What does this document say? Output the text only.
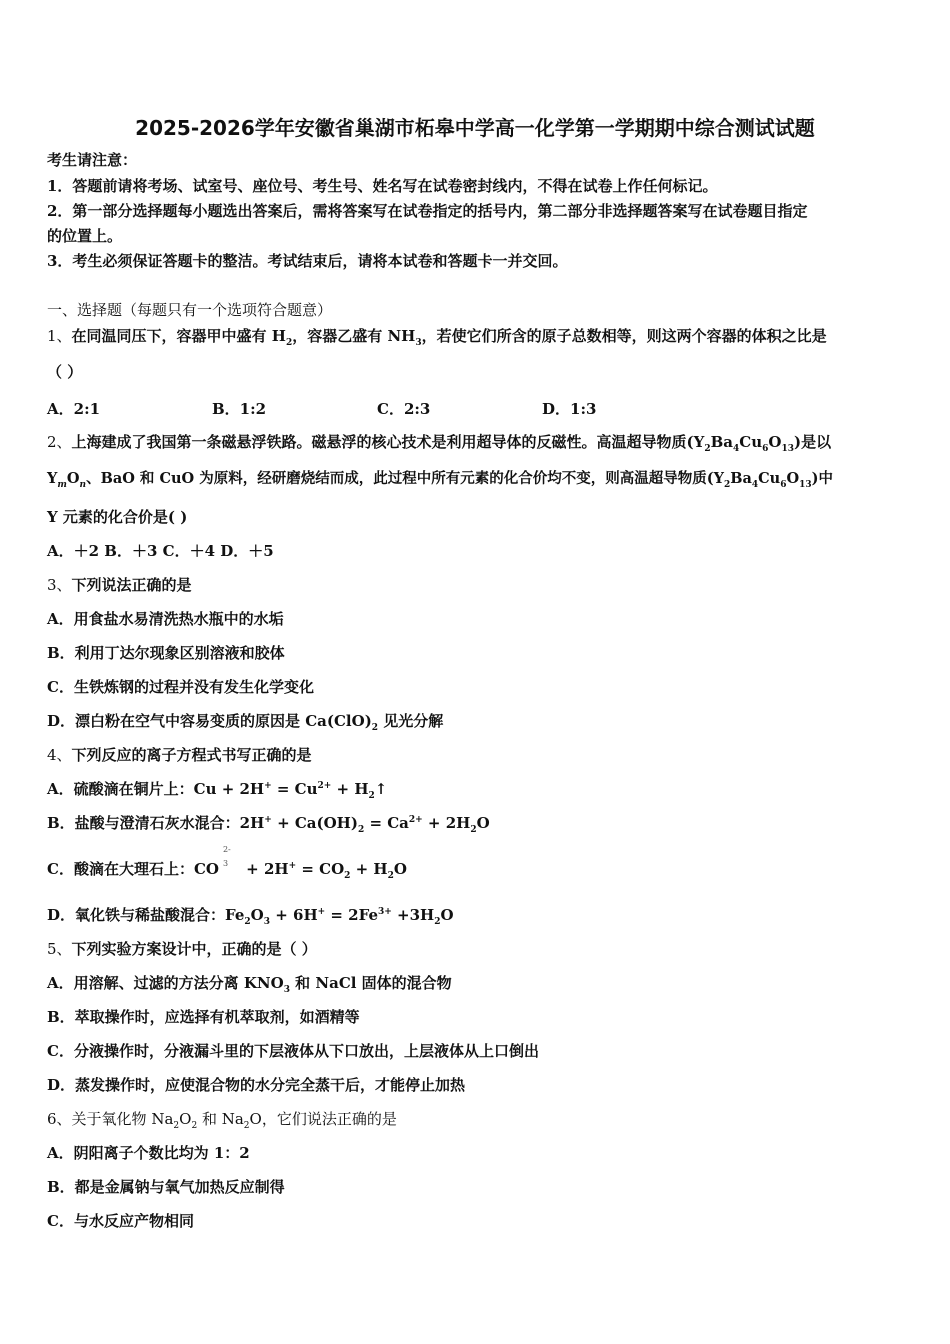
2025-2026学年安徽省巢湖市柘皋中学高一化学第一学期期中综合测试试题
考生请注意：
1．答题前请将考场、试室号、座位号、考生号、姓名写在试卷密封线内，不得在试卷上作任何标记。
2．第一部分选择题每小题选出答案后，需将答案写在试卷指定的括号内，第二部分非选择题答案写在试卷题目指定
的位置上。
3．考生必须保证答题卡的整洁。考试结束后，请将本试卷和答题卡一并交回。
一、选择题（每题只有一个选项符合题意）
1、在同温同压下，容器甲中盛有 $H_2$，容器乙盛有 $NH_3$，若使它们所含的原子总数相等，则这两个容器的体积之比是
（ ）
A．2:1	B．1:2	C．2:3	D．1:3
2、上海建成了我国第一条磁悬浮铁路。磁悬浮的核心技术是利用超导体的反磁性。高温超导物质$(Y_2Ba_4Cu_6O_{13})$是以
$Y_mO_n$、BaO 和 CuO 为原料，经研磨烧结而成，此过程中所有元素的化合价均不变，则高温超导物质$(Y_2Ba_4Cu_6O_{13})$中
Y 元素的化合价是( )
A．＋2 B．＋3 C．＋4 D．＋5
3、下列说法正确的是
A．用食盐水易清洗热水瓶中的水垢
B．利用丁达尔现象区别溶液和胶体
C．生铁炼钢的过程并没有发生化学变化
D．漂白粉在空气中容易变质的原因是 $Ca(ClO)_2$ 见光分解
4、下列反应的离子方程式书写正确的是
A．硫酸滴在铜片上：$Cu + 2H^+ = Cu^{2+}$ + $H_2↑$
B．盐酸与澄清石灰水混合：$2H^+ + Ca(OH)_2 = Ca^{2+} + 2H_2O$
C．酸滴在大理石上：CO
2-
$3 + 2H^+ = CO_2 + H_2O$
D．氧化铁与稀盐酸混合：$Fe_2O_3 + 6H^+ = 2Fe^{3+} +3H_2O$
5、下列实验方案设计中，正确的是（ ）
A．用溶解、过滤的方法分离 $KNO_3$ 和 NaCl 固体的混合物
B．萃取操作时，应选择有机萃取剂，如酒精等
C．分液操作时，分液漏斗里的下层液体从下口放出，上层液体从上口倒出
D．蒸发操作时，应使混合物的水分完全蒸干后，才能停止加热
6、关于氧化物 $Na_2O_2$ 和 $Na_2O$，它们说法正确的是
A．阴阳离子个数比均为 1：2
B．都是金属钠与氧气加热反应制得
C．与水反应产物相同
